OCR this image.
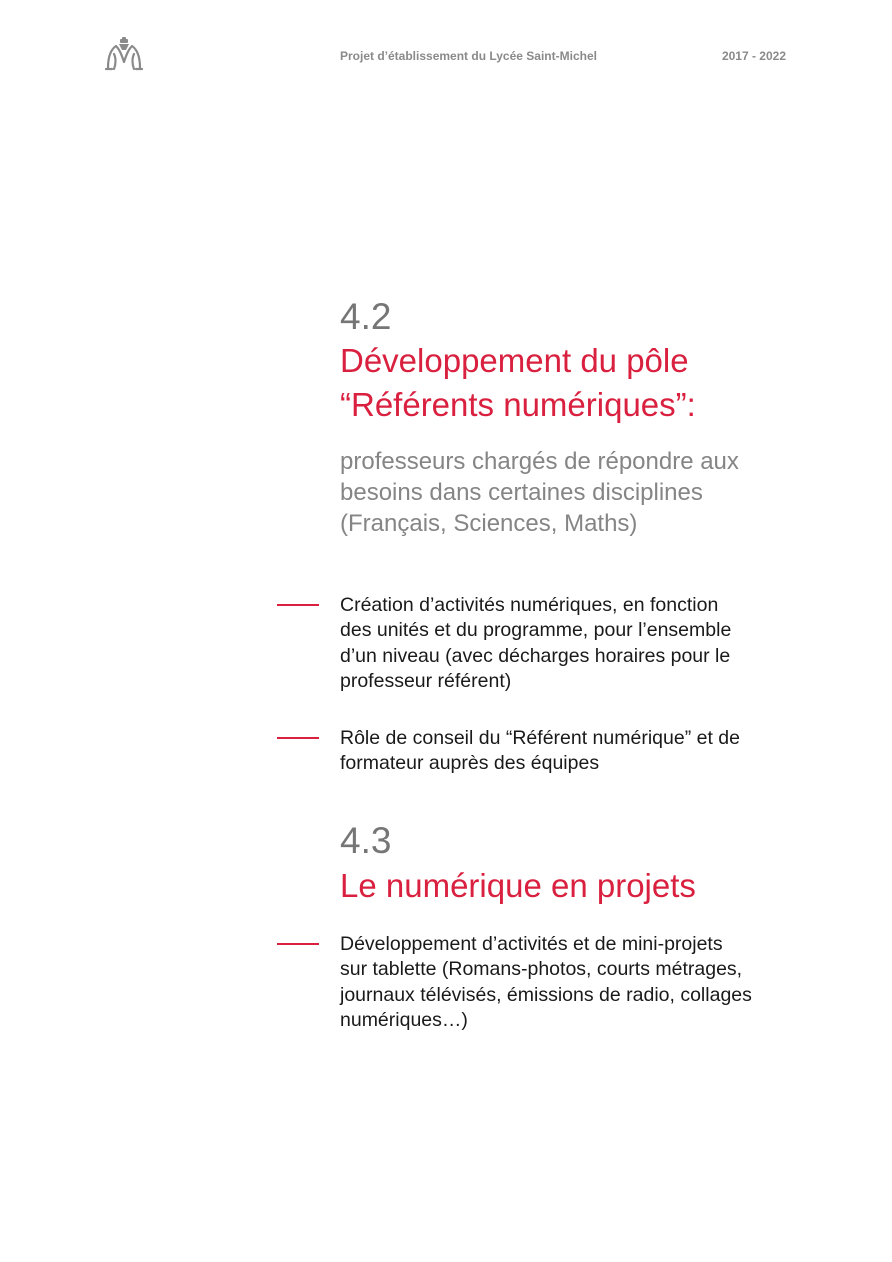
Projet d’établissement du Lycée Saint-Michel	2017 - 2022
4.2
Développement du pôle
“Référents numériques”:
professeurs chargés de répondre aux
besoins dans certaines disciplines
(Français, Sciences, Maths)
Création d’activités numériques, en fonction
des unités et du programme, pour l’ensemble
d’un niveau (avec décharges horaires pour le
professeur référent)
Rôle de conseil du “Référent numérique” et de
formateur auprès des équipes
4.3
Le numérique en projets
Développement d’activités et de mini-projets
sur tablette (Romans-photos, courts métrages,
journaux télévisés, émissions de radio, collages
numériques…)
